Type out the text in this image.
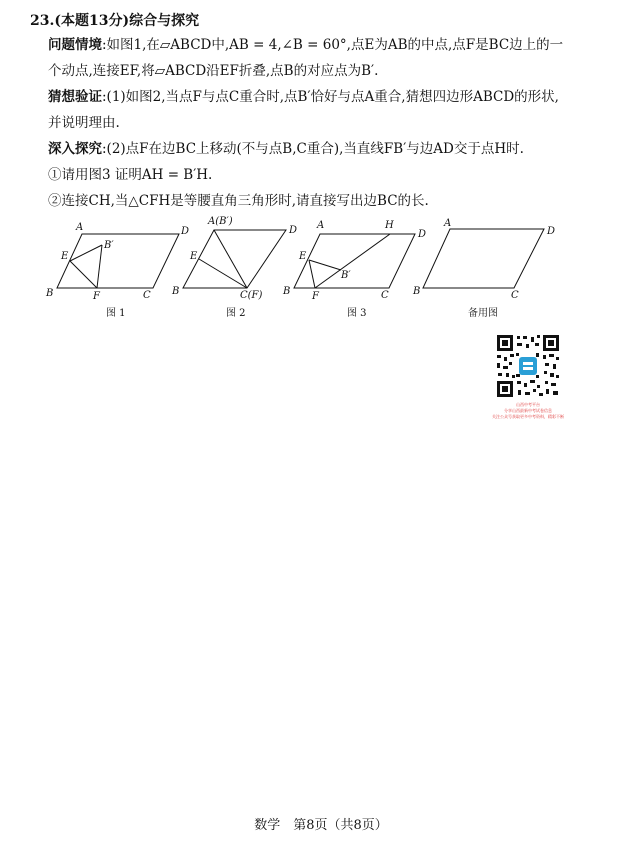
23.(本题13分)综合与探究
问题情境:如图1,在▱ABCD中,AB = 4,∠B = 60°,点E为AB的中点,点F是BC边上的一个动点,连接EF,将▱ABCD沿EF折叠,点B的对应点为B′.
猜想验证:(1)如图2,当点F与点C重合时,点B′恰好与点A重合,猜想四边形ABCD的形状,并说明理由.
深入探究:(2)点F在边BC上移动(不与点B,C重合),当直线FB′与边AD交于点H时.
①请用图3 证明AH = B′H.
②连接CH,当△CFH是等腰直角三角形时,请直接写出边BC的长.
A	D
B	C
E
F
B′
图 1
A(B′)
D
B
E
C(F)
图 2
A	H
D
B
E
F
B′
C
图 3
A
D
B	C
备用图
山西中考平台
分享山西最新中考试卷信息
关注公众号获取更多中考资料，精彩不断
数学　第8页（共8页）
